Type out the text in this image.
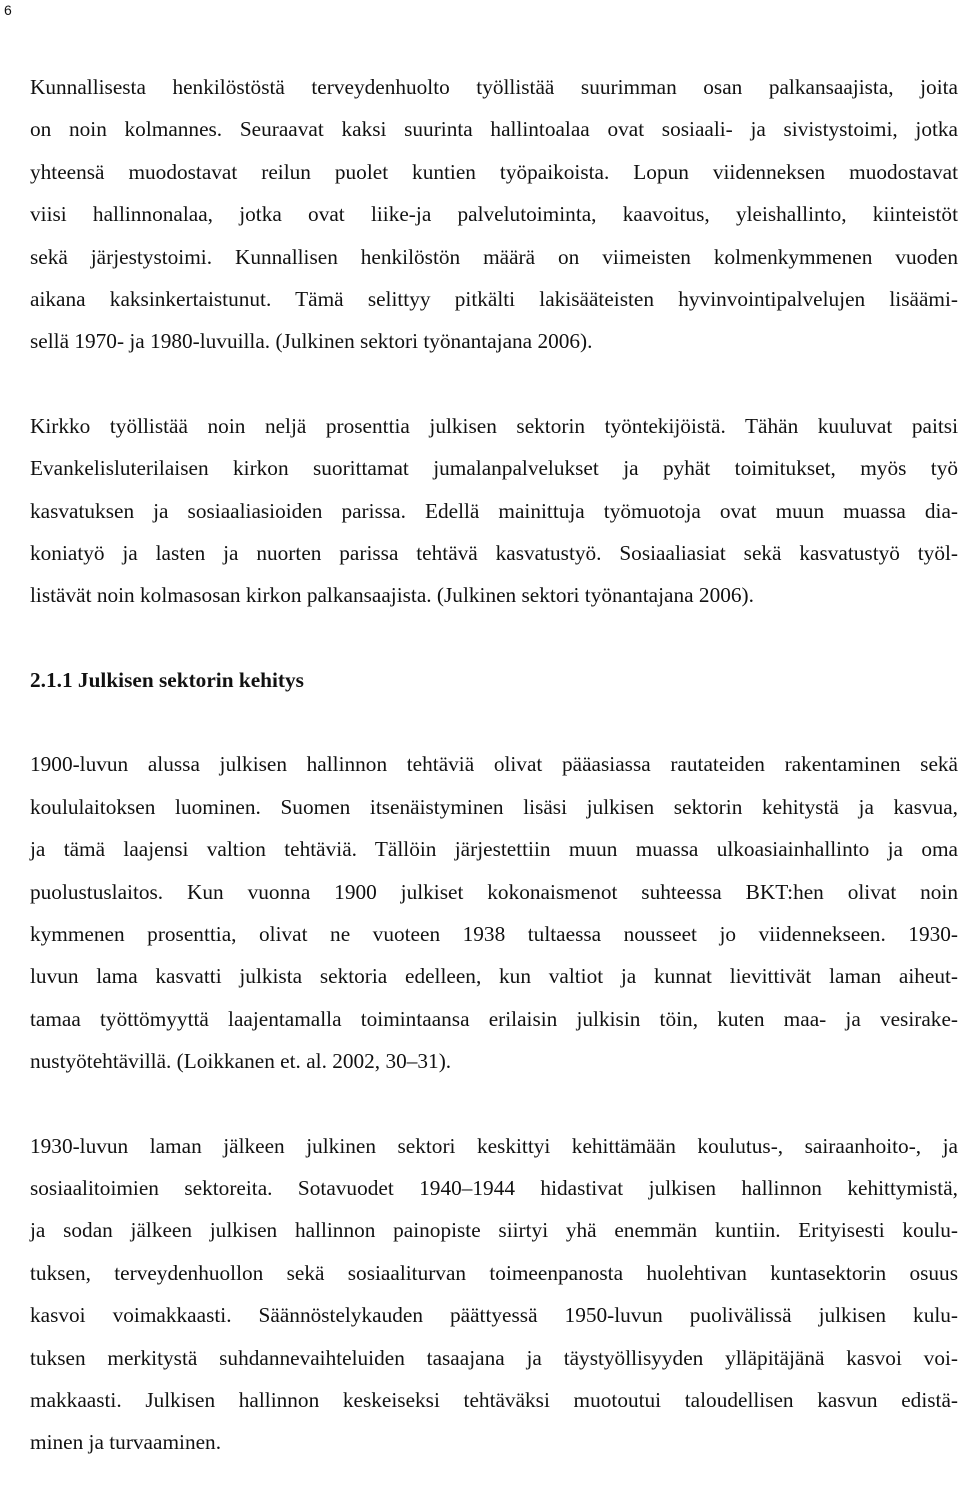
6

Kunnallisesta henkilöstöstä terveydenhuolto työllistää suurimman osan palkansaajista, joita
on noin kolmannes. Seuraavat kaksi suurinta hallintoalaa ovat sosiaali- ja sivistystoimi, jotka
yhteensä muodostavat reilun puolet kuntien työpaikoista. Lopun viidenneksen muodostavat
viisi hallinnonalaa, jotka ovat liike-ja palvelutoiminta, kaavoitus, yleishallinto, kiinteistöt
sekä järjestystoimi. Kunnallisen henkilöstön määrä on viimeisten kolmenkymmenen vuoden
aikana kaksinkertaistunut. Tämä selittyy pitkälti lakisääteisten hyvinvointipalvelujen lisäämi-
sellä 1970- ja 1980-luvuilla. (Julkinen sektori työnantajana 2006).

Kirkko työllistää noin neljä prosenttia julkisen sektorin työntekijöistä. Tähän kuuluvat paitsi
Evankelisluterilaisen kirkon suorittamat jumalanpalvelukset ja pyhät toimitukset, myös työ
kasvatuksen ja sosiaaliasioiden parissa. Edellä mainittuja työmuotoja ovat muun muassa dia-
koniatyö ja lasten ja nuorten parissa tehtävä kasvatustyö. Sosiaaliasiat sekä kasvatustyö työl-
listävät noin kolmasosan kirkon palkansaajista. (Julkinen sektori työnantajana 2006).

2.1.1 Julkisen sektorin kehitys

1900-luvun alussa julkisen hallinnon tehtäviä olivat pääasiassa rautateiden rakentaminen sekä
koululaitoksen luominen. Suomen itsenäistyminen lisäsi julkisen sektorin kehitystä ja kasvua,
ja tämä laajensi valtion tehtäviä. Tällöin järjestettiin muun muassa ulkoasiainhallinto ja oma
puolustuslaitos. Kun vuonna 1900 julkiset kokonaismenot suhteessa BKT:hen olivat noin
kymmenen prosenttia, olivat ne vuoteen 1938 tultaessa nousseet jo viidennekseen. 1930-
luvun lama kasvatti julkista sektoria edelleen, kun valtiot ja kunnat lievittivät laman aiheut-
tamaa työttömyyttä laajentamalla toimintaansa erilaisin julkisin töin, kuten maa- ja vesirake-
nustyötehtävillä. (Loikkanen et. al. 2002, 30–31).

1930-luvun laman jälkeen julkinen sektori keskittyi kehittämään koulutus-, sairaanhoito-, ja
sosiaalitoimien sektoreita. Sotavuodet 1940–1944 hidastivat julkisen hallinnon kehittymistä,
ja sodan jälkeen julkisen hallinnon painopiste siirtyi yhä enemmän kuntiin. Erityisesti koulu-
tuksen, terveydenhuollon sekä sosiaaliturvan toimeenpanosta huolehtivan kuntasektorin osuus
kasvoi voimakkaasti. Säännöstelykauden päättyessä 1950-luvun puolivälissä julkisen kulu-
tuksen merkitystä suhdannevaihteluiden tasaajana ja täystyöllisyyden ylläpitäjänä kasvoi voi-
makkaasti. Julkisen hallinnon keskeiseksi tehtäväksi muotoutui taloudellisen kasvun edistä-
minen ja turvaaminen.
